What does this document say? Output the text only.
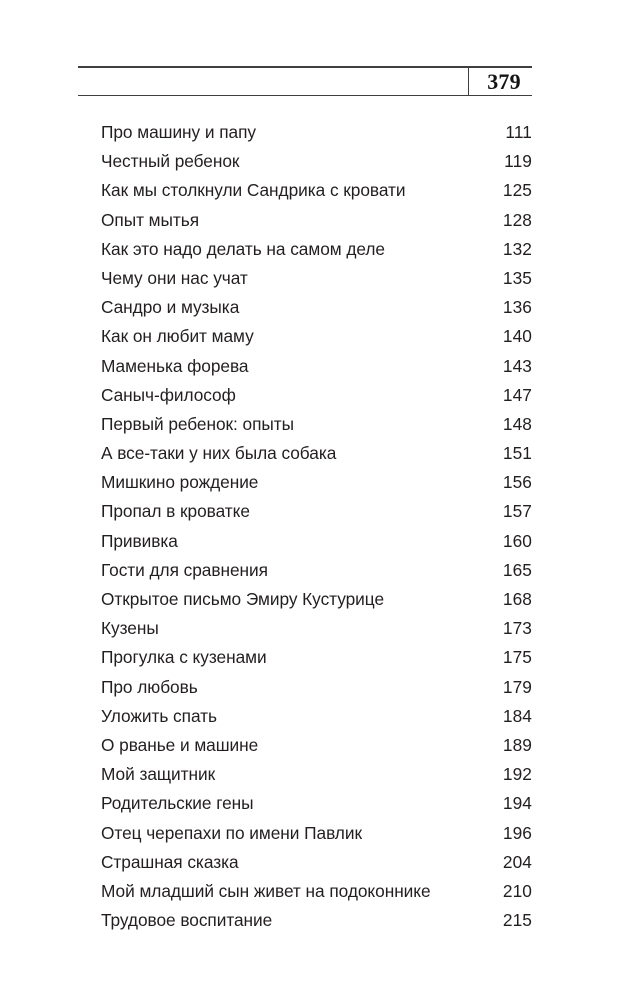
379
Про машину и папу	111
Честный ребенок	119
Как мы столкнули Сандрика с кровати	125
Опыт мытья	128
Как это надо делать на самом деле	132
Чему они нас учат	135
Сандро и музыка	136
Как он любит маму	140
Маменька форева	143
Саныч-философ	147
Первый ребенок: опыты	148
А все-таки у них была собака	151
Мишкино рождение	156
Пропал в кроватке	157
Прививка	160
Гости для сравнения	165
Открытое письмо Эмиру Кустурице	168
Кузены	173
Прогулка с кузенами	175
Про любовь	179
Уложить спать	184
О рванье и машине	189
Мой защитник	192
Родительские гены	194
Отец черепахи по имени Павлик	196
Страшная сказка	204
Мой младший сын живет на подоконнике	210
Трудовое воспитание	215
